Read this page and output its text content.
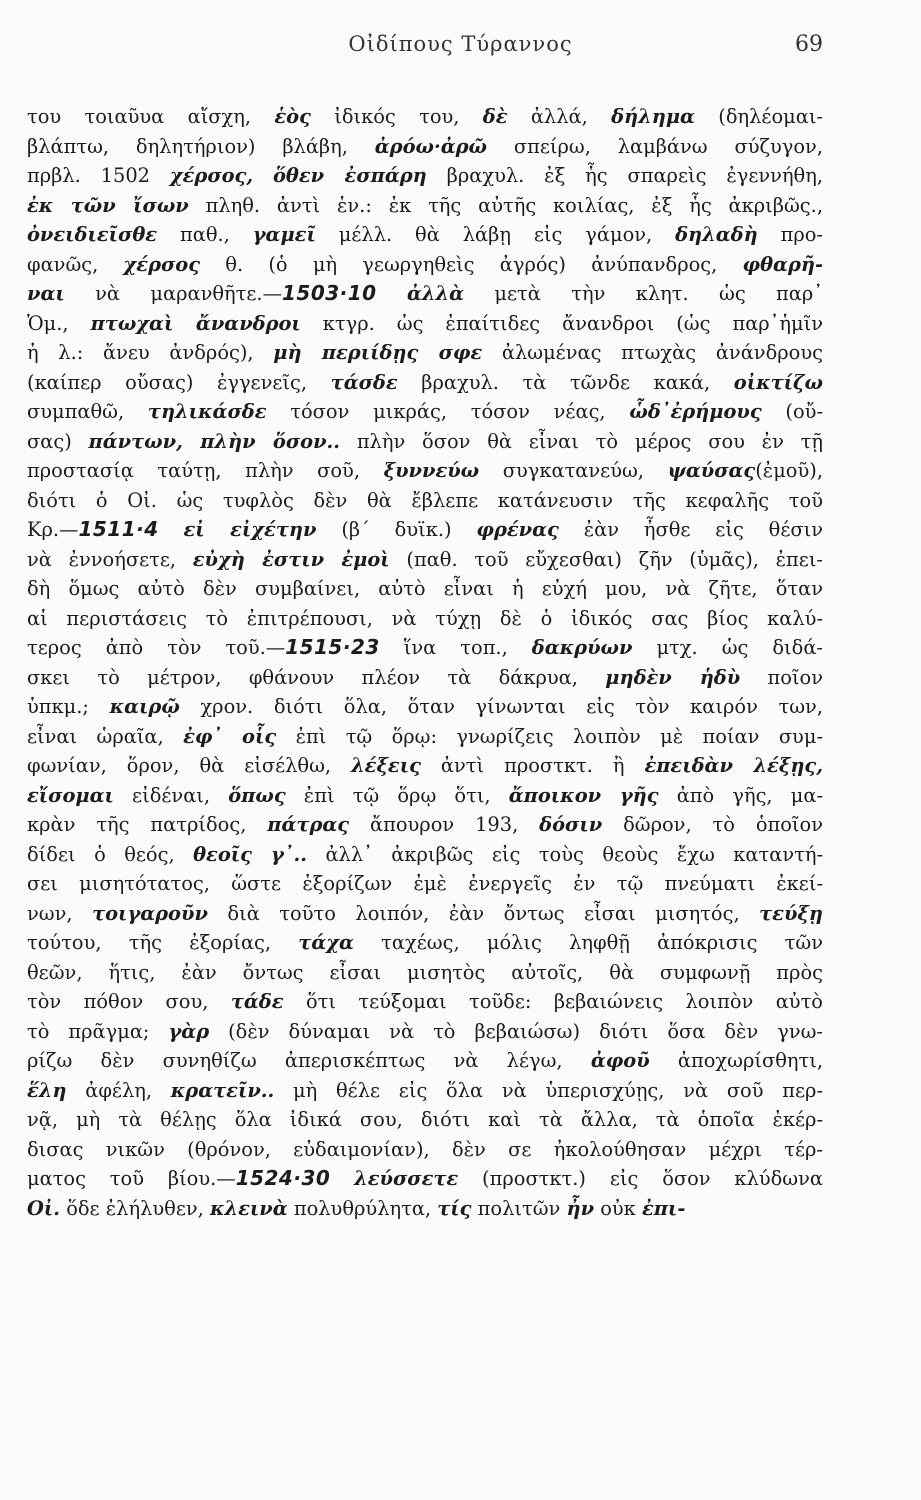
Οἰδίπους Τύραννος	69
του τοιαῦυα αἴσχη, ἑὸς ἰδικός του, δὲ ἀλλά, δήλημα (δηλέομαι-
βλάπτω, δηλητήριον) βλάβη, ἀρόω·ἀρῶ σπείρω, λαμβάνω σύζυγον,
πρβλ. 1502 χέρσος, ὅθεν ἐσπάρη βραχυλ. ἐξ ἧς σπαρεὶς ἐγεννήθη,
ἐκ τῶν ἴσων πληθ. ἀντὶ ἑν.: ἐκ τῆς αὐτῆς κοιλίας, ἐξ ἧς ἀκριβῶς.,
ὀνειδιεῖσθε παθ., γαμεῖ μέλλ. θὰ λάβῃ εἰς γάμον, δηλαδὴ προ-
φανῶς, χέρσος θ. (ὁ μὴ γεωργηθεὶς ἀγρός) ἀνύπανδρος, φθαρῆ-
ναι νὰ μαρανθῆτε.—1503·10 ἀλλὰ μετὰ τὴν κλητ. ὡς παρ᾽
Ὁμ., πτωχαὶ ἄνανδροι κτγρ. ὡς ἐπαίτιδες ἄνανδροι (ὡς παρ᾽ἡμῖν
ἡ λ.: ἄνευ ἀνδρός), μὴ περιίδῃς σφε ἀλωμένας πτωχὰς ἀνάνδρους
(καίπερ οὔσας) ἐγγενεῖς, τάσδε βραχυλ. τὰ τῶνδε κακά, οἰκτίζω
συμπαθῶ, τηλικάσδε τόσον μικράς, τόσον νέας, ὧδ᾽ἐρήμους (οὔ-
σας) πάντων, πλὴν ὅσον.. πλὴν ὅσον θὰ εἶναι τὸ μέρος σου ἐν τῇ
προστασίᾳ ταύτῃ, πλὴν σοῦ, ξυννεύω συγκατανεύω, ψαύσας(ἐμοῦ),
διότι ὁ Οἰ. ὡς τυφλὸς δὲν θὰ ἔβλεπε κατάνευσιν τῆς κεφαλῆς τοῦ
Κρ.—1511·4 εἰ εἰχέτην (β´ δυϊκ.) φρένας ἐὰν ἦσθε εἰς θέσιν
νὰ ἐννοήσετε, εὐχὴ ἐστιν ἐμοὶ (παθ. τοῦ εὔχεσθαι) ζῆν (ὑμᾶς), ἐπει-
δὴ ὅμως αὐτὸ δὲν συμβαίνει, αὐτὸ εἶναι ἡ εὐχή μου, νὰ ζῆτε, ὅταν
αἱ περιστάσεις τὸ ἐπιτρέπουσι, νὰ τύχῃ δὲ ὁ ἰδικός σας βίος καλύ-
τερος ἀπὸ τὸν τοῦ.—1515·23 ἵνα τοπ., δακρύων μτχ. ὡς διδά-
σκει τὸ μέτρον, φθάνουν πλέον τὰ δάκρυα, μηδὲν ἡδὺ ποῖον
ὑπκμ.; καιρῷ χρον. διότι ὅλα, ὅταν γίνωνται εἰς τὸν καιρόν των,
εἶναι ὡραῖα, ἐφ᾽ οἷς ἐπὶ τῷ ὅρῳ: γνωρίζεις λοιπὸν μὲ ποίαν συμ-
φωνίαν, ὅρον, θὰ εἰσέλθω, λέξεις ἀντὶ προστκτ. ἢ ἐπειδὰν λέξῃς,
εἴσομαι εἰδέναι, ὅπως ἐπὶ τῷ ὅρῳ ὅτι, ἄποικον γῆς ἀπὸ γῆς, μα-
κρὰν τῆς πατρίδος, πάτρας ἄπουρον 193, δόσιν δῶρον, τὸ ὁποῖον
δίδει ὁ θεός, θεοῖς γ᾽.. ἀλλ᾽ ἀκριβῶς εἰς τοὺς θεοὺς ἔχω καταντή-
σει μισητότατος, ὥστε ἐξορίζων ἐμὲ ἐνεργεῖς ἐν τῷ πνεύματι ἐκεί-
νων, τοιγαροῦν διὰ τοῦτο λοιπόν, ἐὰν ὄντως εἶσαι μισητός, τεύξῃ
τούτου, τῆς ἐξορίας, τάχα ταχέως, μόλις ληφθῇ ἀπόκρισις τῶν
θεῶν, ἥτις, ἐὰν ὄντως εἶσαι μισητὸς αὐτοῖς, θὰ συμφωνῇ πρὸς
τὸν πόθον σου, τάδε ὅτι τεύξομαι τοῦδε: βεβαιώνεις λοιπὸν αὐτὸ
τὸ πρᾶγμα; γὰρ (δὲν δύναμαι νὰ τὸ βεβαιώσω) διότι ὅσα δὲν γνω-
ρίζω δὲν συνηθίζω ἀπερισκέπτως νὰ λέγω, ἀφοῦ ἀποχωρίσθητι,
ἕλη ἀφέλη, κρατεῖν.. μὴ θέλε εἰς ὅλα νὰ ὑπερισχύῃς, νὰ σοῦ περ-
νᾷ, μὴ τὰ θέλῃς ὅλα ἰδικά σου, διότι καὶ τὰ ἄλλα, τὰ ὁποῖα ἐκέρ-
δισας νικῶν (θρόνον, εὐδαιμονίαν), δὲν σε ἠκολούθησαν μέχρι τέρ-
ματος τοῦ βίου.—1524·30 λεύσσετε (προστκτ.) εἰς ὅσον κλύδωνα
Οἰ. ὅδε ἐλήλυθεν, κλεινὰ πολυθρύλητα, τίς πολιτῶν ἦν οὐκ ἐπι-
